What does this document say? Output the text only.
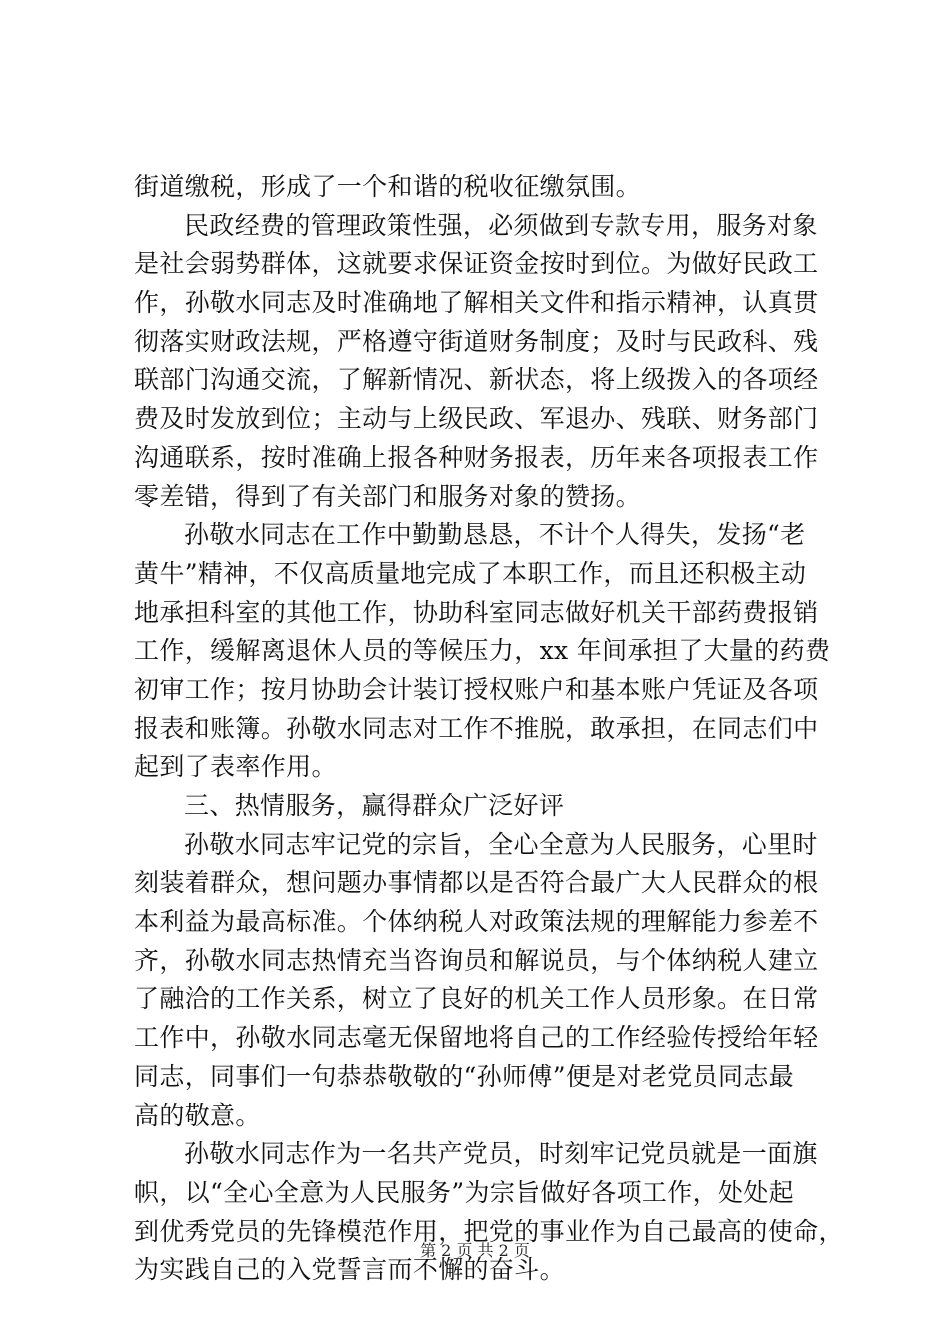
街道缴税，形成了一个和谐的税收征缴氛围。
民政经费的管理政策性强，必须做到专款专用，服务对象
是社会弱势群体，这就要求保证资金按时到位。为做好民政工
作，孙敬水同志及时准确地了解相关文件和指示精神，认真贯
彻落实财政法规，严格遵守街道财务制度；及时与民政科、残
联部门沟通交流，了解新情况、新状态，将上级拨入的各项经
费及时发放到位；主动与上级民政、军退办、残联、财务部门
沟通联系，按时准确上报各种财务报表，历年来各项报表工作
零差错，得到了有关部门和服务对象的赞扬。
孙敬水同志在工作中勤勤恳恳，不计个人得失，发扬“老
黄牛”精神，不仅高质量地完成了本职工作，而且还积极主动
地承担科室的其他工作，协助科室同志做好机关干部药费报销
工作，缓解离退休人员的等候压力，xx 年间承担了大量的药费
初审工作；按月协助会计装订授权账户和基本账户凭证及各项
报表和账簿。孙敬水同志对工作不推脱，敢承担，在同志们中
起到了表率作用。
三、热情服务，赢得群众广泛好评
孙敬水同志牢记党的宗旨，全心全意为人民服务，心里时
刻装着群众，想问题办事情都以是否符合最广大人民群众的根
本利益为最高标准。个体纳税人对政策法规的理解能力参差不
齐，孙敬水同志热情充当咨询员和解说员，与个体纳税人建立
了融洽的工作关系，树立了良好的机关工作人员形象。在日常
工作中，孙敬水同志毫无保留地将自己的工作经验传授给年轻
同志，同事们一句恭恭敬敬的“孙师傅”便是对老党员同志最
高的敬意。
孙敬水同志作为一名共产党员，时刻牢记党员就是一面旗
帜，以“全心全意为人民服务”为宗旨做好各项工作，处处起
到优秀党员的先锋模范作用，把党的事业作为自己最高的使命，
为实践自己的入党誓言而不懈的奋斗。
第 2 页 共 2 页
